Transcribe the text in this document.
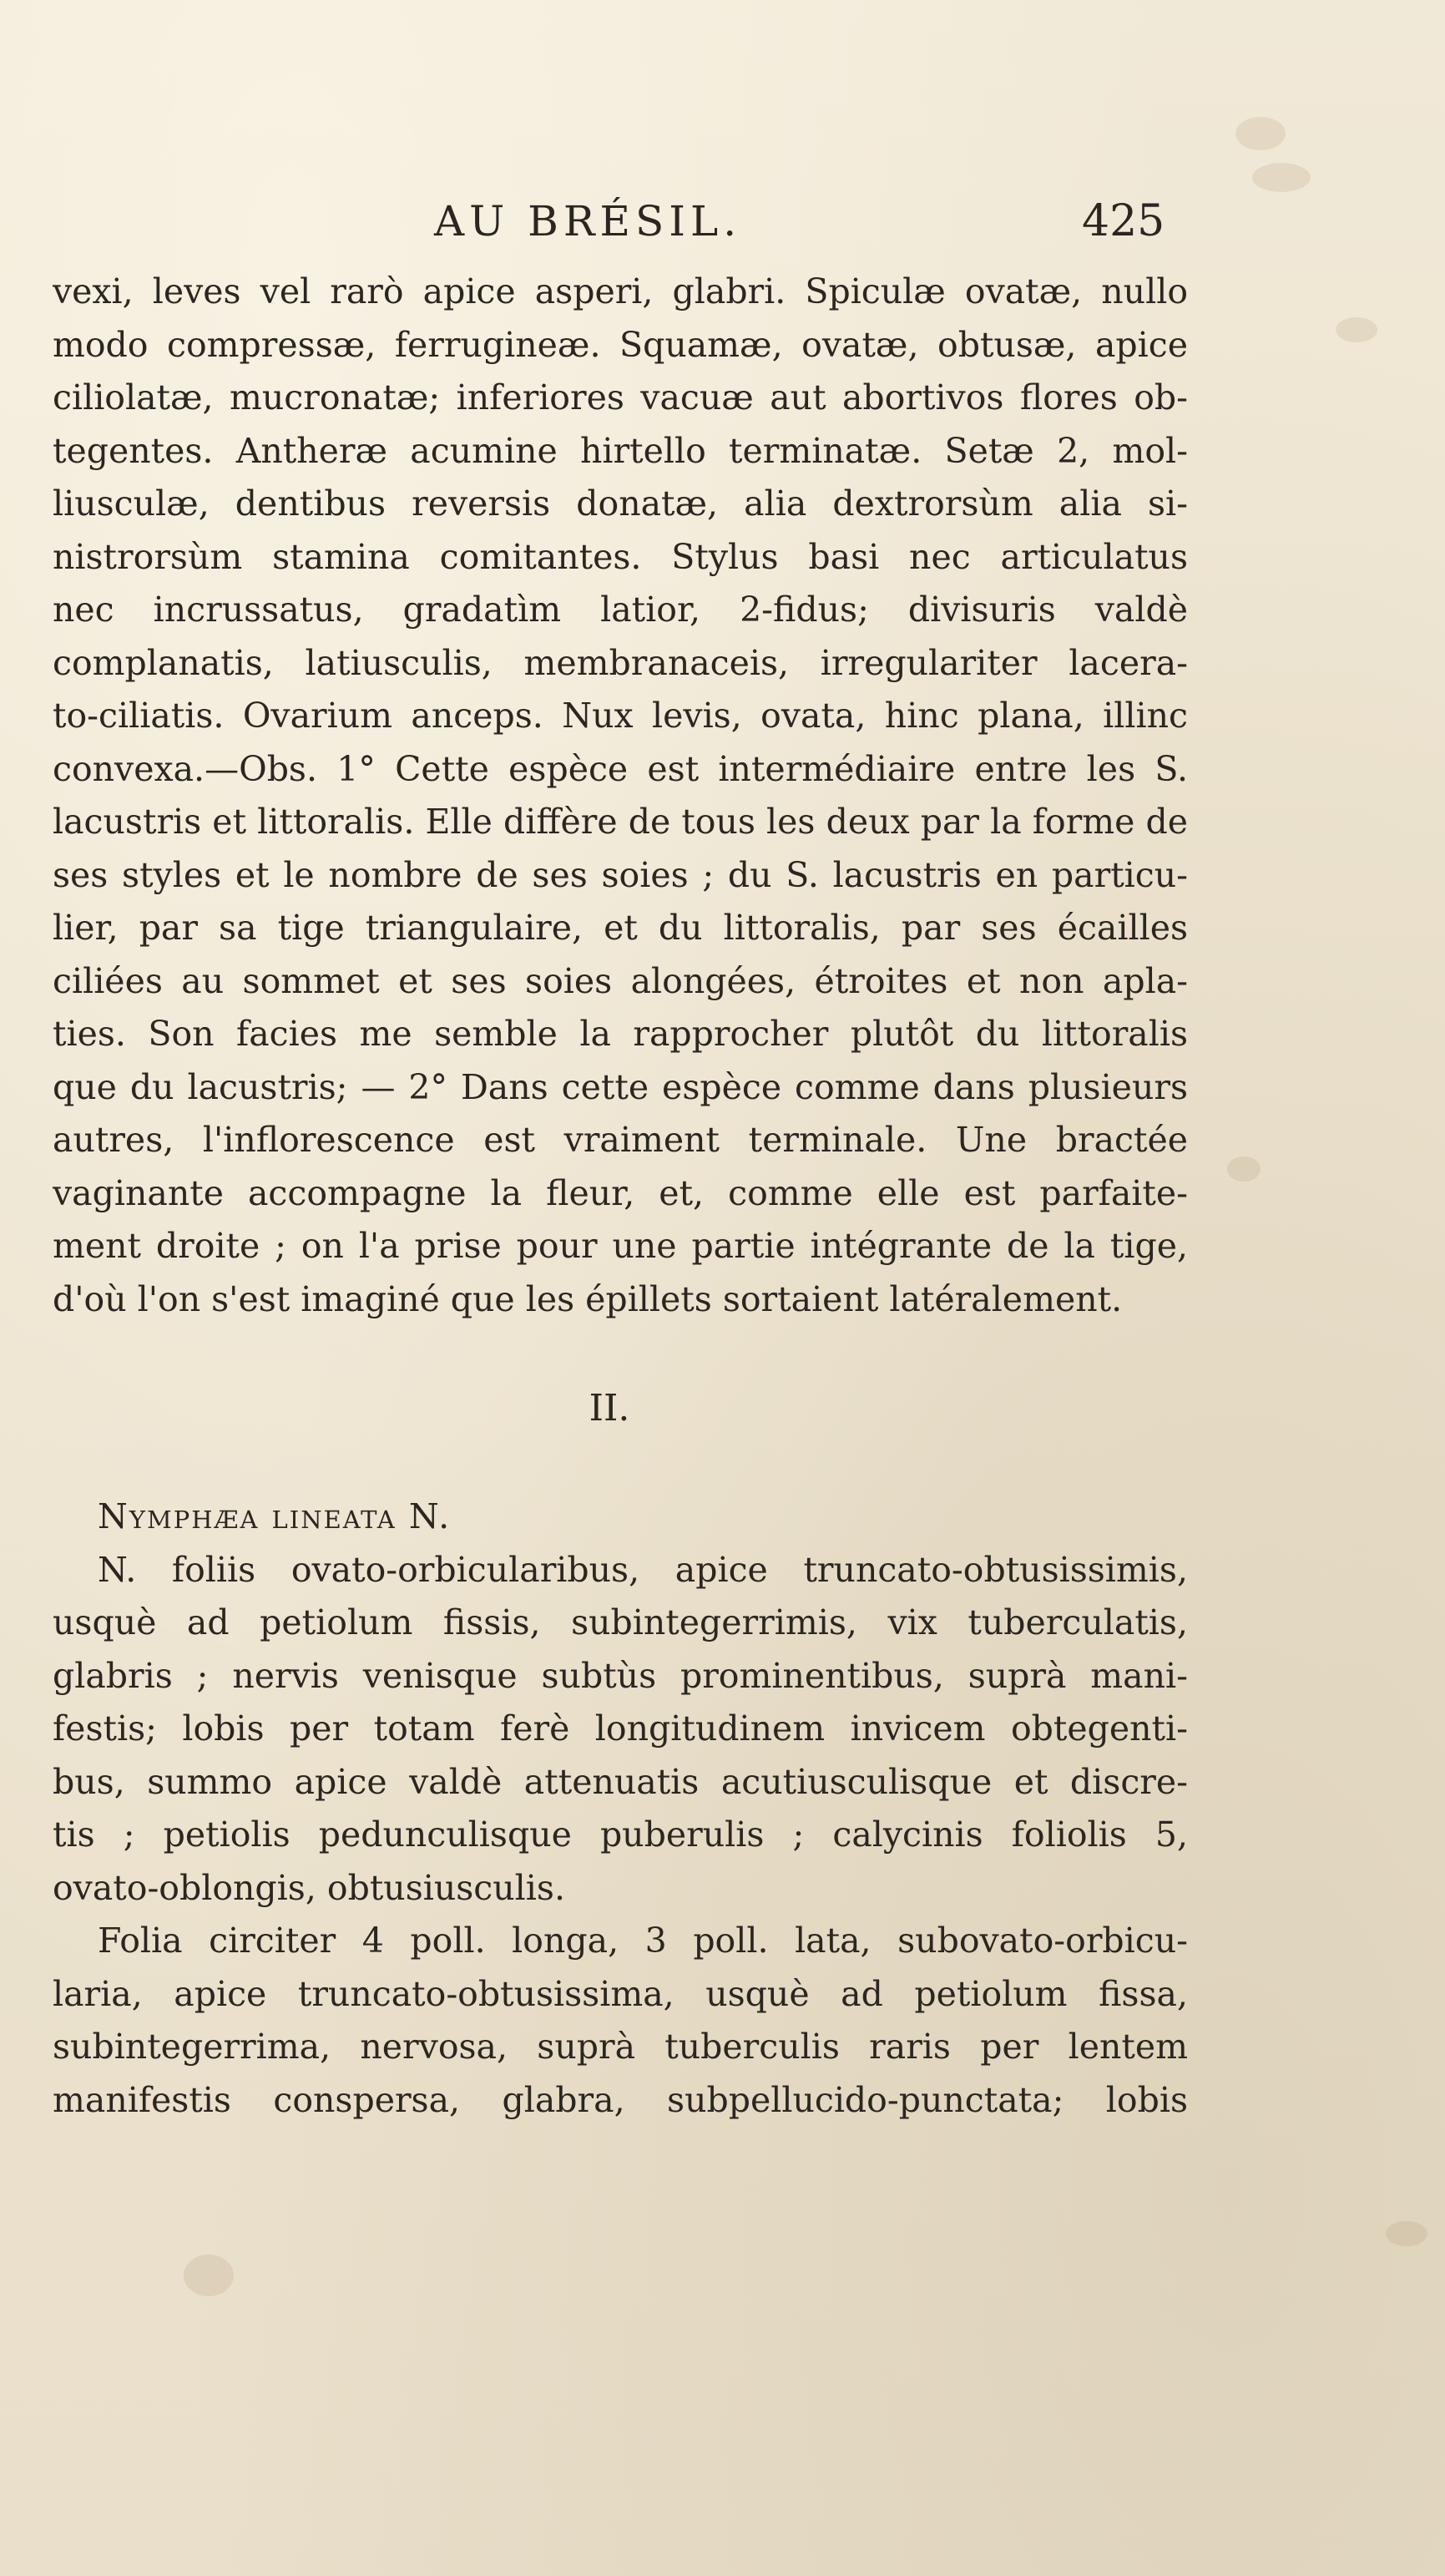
AU BRÉSIL.	425
vexi, leves vel rarò apice asperi, glabri. Spiculæ ovatæ, nullo
modo compressæ, ferrugineæ. Squamæ, ovatæ, obtusæ, apice
ciliolatæ, mucronatæ; inferiores vacuæ aut abortivos flores ob-
tegentes. Antheræ acumine hirtello terminatæ. Setæ 2, mol-
liusculæ, dentibus reversis donatæ, alia dextrorsùm alia si-
nistrorsùm stamina comitantes. Stylus basi nec articulatus
nec incrussatus, gradatìm latior, 2-fidus; divisuris valdè
complanatis, latiusculis, membranaceis, irregulariter lacera-
to-ciliatis. Ovarium anceps. Nux levis, ovata, hinc plana, illinc
convexa.—Obs. 1° Cette espèce est intermédiaire entre les S.
lacustris et littoralis. Elle diffère de tous les deux par la forme de
ses styles et le nombre de ses soies ; du S. lacustris en particu-
lier, par sa tige triangulaire, et du littoralis, par ses écailles
ciliées au sommet et ses soies alongées, étroites et non apla-
ties. Son facies me semble la rapprocher plutôt du littoralis
que du lacustris; — 2° Dans cette espèce comme dans plusieurs
autres, l'inflorescence est vraiment terminale. Une bractée
vaginante accompagne la fleur, et, comme elle est parfaite-
ment droite ; on l'a prise pour une partie intégrante de la tige,
d'où l'on s'est imaginé que les épillets sortaient latéralement.
II.
Nymphæa lineata N.
N. foliis ovato-orbicularibus, apice truncato-obtusissimis,
usquè ad petiolum fissis, subintegerrimis, vix tuberculatis,
glabris ; nervis venisque subtùs prominentibus, suprà mani-
festis; lobis per totam ferè longitudinem invicem obtegenti-
bus, summo apice valdè attenuatis acutiusculisque et discre-
tis ; petiolis pedunculisque puberulis ; calycinis foliolis 5,
ovato-oblongis, obtusiusculis.
Folia circiter 4 poll. longa, 3 poll. lata, subovato-orbicu-
laria, apice truncato-obtusissima, usquè ad petiolum fissa,
subintegerrima, nervosa, suprà tuberculis raris per lentem
manifestis conspersa, glabra, subpellucido-punctata; lobis
